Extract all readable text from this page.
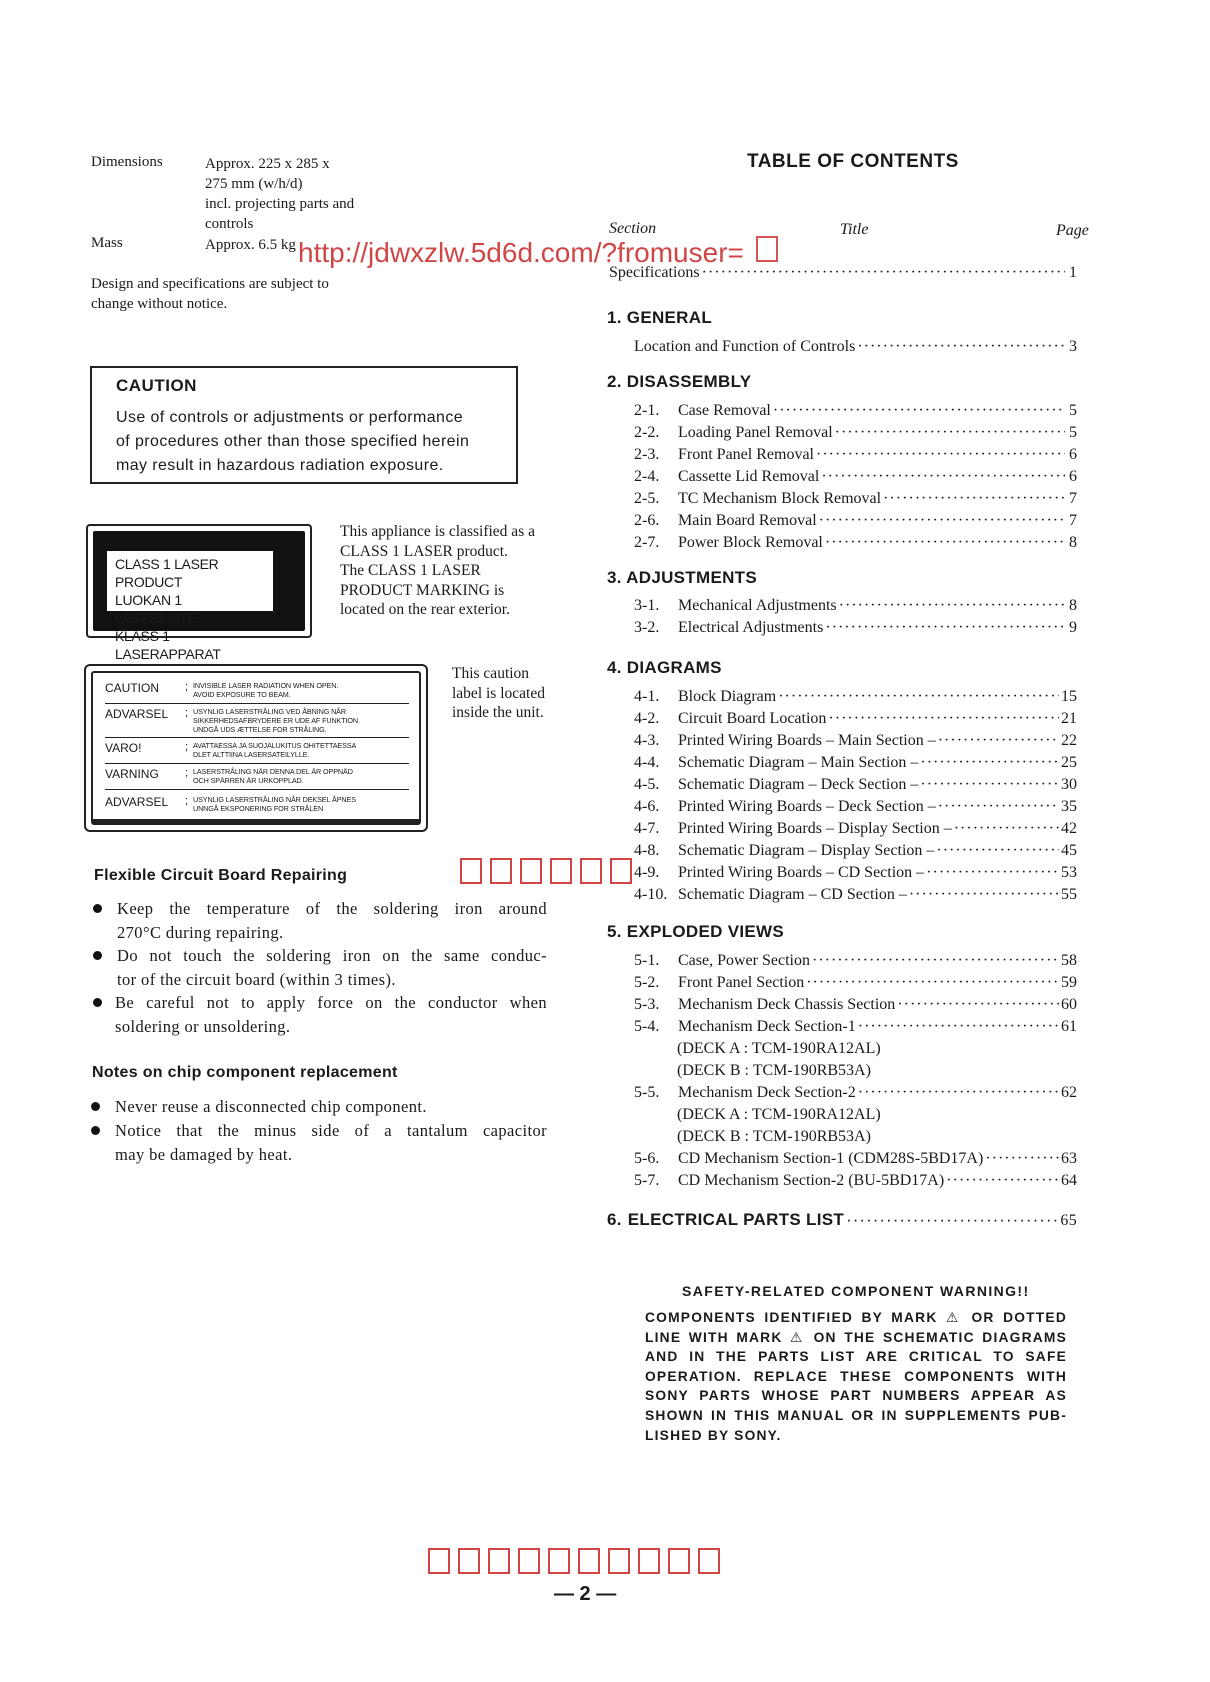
Dimensions	Approx. 225 x 285 x
275 mm (w/h/d)
incl. projecting parts and
controls
Mass	Approx. 6.5 kg
Design and specifications are subject to
change without notice.
CAUTION
Use of controls or adjustments or performance
of procedures other than those specified herein
may result in hazardous radiation exposure.
CLASS 1 LASER PRODUCT
LUOKAN 1 LASERLAITE
KLASS 1 LASERAPPARAT
This appliance is classified as a
CLASS 1 LASER product.
The CLASS 1 LASER
PRODUCT MARKING is
located on the rear exterior.
CAUTION	; INVISIBLE LASER RADIATION WHEN OPEN.
AVOID EXPOSURE TO BEAM.
ADVARSEL	; USYNLIG LASERSTRÅLING VED ÅBNING NÅR
SIKKERHEDSAFBRYDERE ER UDE AF FUNKTION.
UNDGÅ UDS ÆTTELSE FOR STRÅLING.
VARO!	; AVATTAESSA JA SUOJALUKITUS OHITETTAESSA
DLET ALTTIINA LASERSATEILYLLE.
VARNING	; LASERSTRÅLING NÄR DENNA DEL ÄR OPPNÄD
OCH SPÄRREN ÄR URKOPPLAD.
ADVARSEL	; USYNLIG LASERSTRÅLING NÅR DEKSEL ÅPNES
UNNGÅ EKSPONERING FOR STRÅLEN
This caution
label is located
inside the unit.
Flexible Circuit Board Repairing
Keep the temperature of the soldering iron around
270°C during repairing.
Do not touch the soldering iron on the same conduc-
tor of the circuit board (within 3 times).
Be careful not to apply force on the conductor when
soldering or unsoldering.
Notes on chip component replacement
Never reuse a disconnected chip component.
Notice that the minus side of a tantalum capacitor
may be damaged by heat.
TABLE OF CONTENTS
Section	Title	Page
Specifications ·····	1
1. GENERAL
Location and Function of Controls ·····	3
2. DISASSEMBLY
2-1.	Case Removal ·····	5
2-2.	Loading Panel Removal ·····	5
2-3.	Front Panel Removal ·····	6
2-4.	Cassette Lid Removal ·····	6
2-5.	TC Mechanism Block Removal ·····	7
2-6.	Main Board Removal ·····	7
2-7.	Power Block Removal ·····	8
3. ADJUSTMENTS
3-1.	Mechanical Adjustments ·····	8
3-2.	Electrical Adjustments ·····	9
4. DIAGRAMS
4-1.	Block Diagram ·····	15
4-2.	Circuit Board Location ·····	21
4-3.	Printed Wiring Boards – Main Section – ·····	22
4-4.	Schematic Diagram – Main Section – ·····	25
4-5.	Schematic Diagram – Deck Section – ·····	30
4-6.	Printed Wiring Boards – Deck Section – ·····	35
4-7.	Printed Wiring Boards – Display Section – ·····	42
4-8.	Schematic Diagram – Display Section – ·····	45
4-9.	Printed Wiring Boards – CD Section – ·····	53
4-10. Schematic Diagram – CD Section – ·····	55
5. EXPLODED VIEWS
5-1.	Case, Power Section ·····	58
5-2.	Front Panel Section ·····	59
5-3.	Mechanism Deck Chassis Section ·····	60
5-4.	Mechanism Deck Section-1 ·····	61
(DECK A : TCM-190RA12AL)
(DECK B : TCM-190RB53A)
5-5.	Mechanism Deck Section-2 ·····	62
(DECK A : TCM-190RA12AL)
(DECK B : TCM-190RB53A)
5-6.	CD Mechanism Section-1 (CDM28S-5BD17A) ·····	63
5-7.	CD Mechanism Section-2 (BU-5BD17A) ·····	64
6. ELECTRICAL PARTS LIST ·····	65
SAFETY-RELATED COMPONENT WARNING!!
COMPONENTS IDENTIFIED BY MARK ⚠ OR DOTTED
LINE WITH MARK ⚠ ON THE SCHEMATIC DIAGRAMS
AND IN THE PARTS LIST ARE CRITICAL TO SAFE
OPERATION. REPLACE THESE COMPONENTS WITH
SONY PARTS WHOSE PART NUMBERS APPEAR AS
SHOWN IN THIS MANUAL OR IN SUPPLEMENTS PUB-
LISHED BY SONY.
http://jdwxzlw.5d6d.com/?fromuser=
— 2 —
